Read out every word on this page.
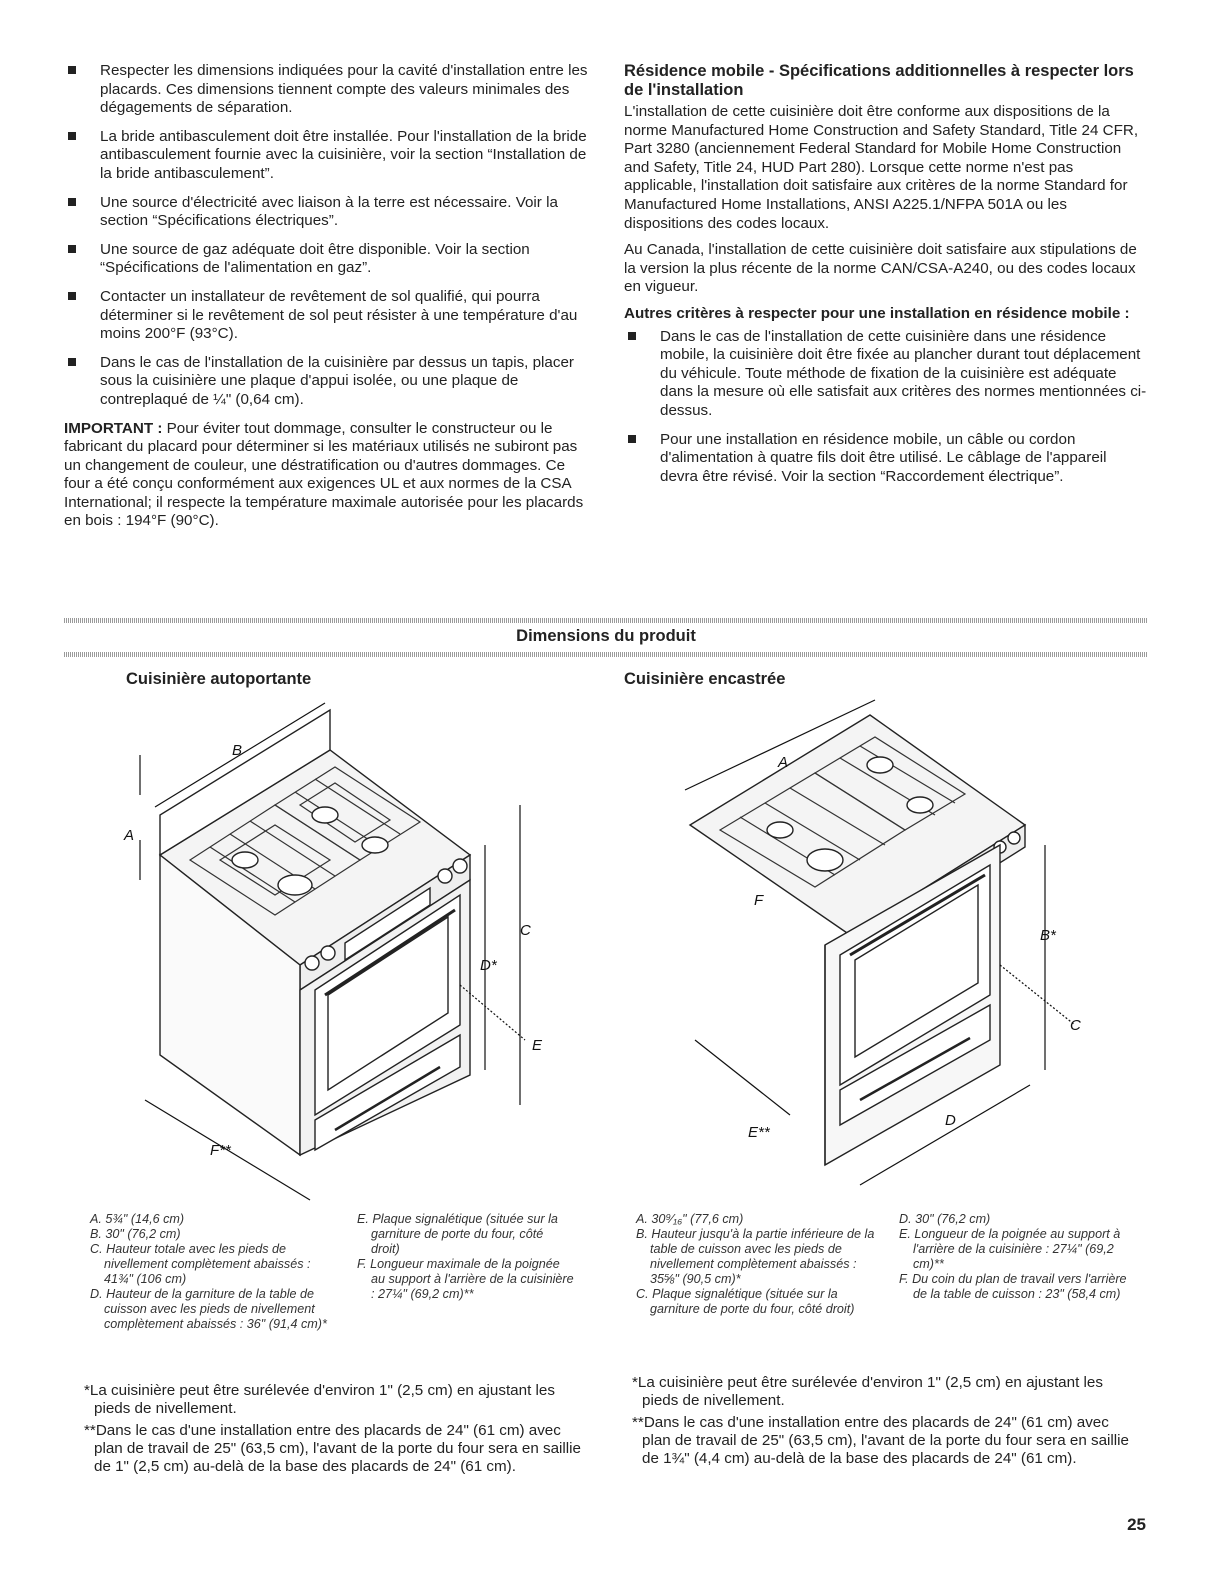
Respecter les dimensions indiquées pour la cavité d'installation entre les placards. Ces dimensions tiennent compte des valeurs minimales des dégagements de séparation.
La bride antibasculement doit être installée. Pour l'installation de la bride antibasculement fournie avec la cuisinière, voir la section “Installation de la bride antibasculement”.
Une source d'électricité avec liaison à la terre est nécessaire. Voir la section “Spécifications électriques”.
Une source de gaz adéquate doit être disponible. Voir la section “Spécifications de l'alimentation en gaz”.
Contacter un installateur de revêtement de sol qualifié, qui pourra déterminer si le revêtement de sol peut résister à une température d'au moins 200°F (93°C).
Dans le cas de l'installation de la cuisinière par dessus un tapis, placer sous la cuisinière une plaque d'appui isolée, ou une plaque de contreplaqué de ¼" (0,64 cm).

IMPORTANT : Pour éviter tout dommage, consulter le constructeur ou le fabricant du placard pour déterminer si les matériaux utilisés ne subiront pas un changement de couleur, une déstratification ou d'autres dommages. Ce four a été conçu conformément aux exigences UL et aux normes de la CSA International; il respecte la température maximale autorisée pour les placards en bois : 194°F (90°C).

Résidence mobile - Spécifications additionnelles à respecter lors de l'installation

L'installation de cette cuisinière doit être conforme aux dispositions de la norme Manufactured Home Construction and Safety Standard, Title 24 CFR, Part 3280 (anciennement Federal Standard for Mobile Home Construction and Safety, Title 24, HUD Part 280). Lorsque cette norme n'est pas applicable, l'installation doit satisfaire aux critères de la norme Standard for Manufactured Home Installations, ANSI A225.1/NFPA 501A ou les dispositions des codes locaux.

Au Canada, l'installation de cette cuisinière doit satisfaire aux stipulations de la version la plus récente de la norme CAN/CSA-A240, ou des codes locaux en vigueur.

Autres critères à respecter pour une installation en résidence mobile :
Dans le cas de l'installation de cette cuisinière dans une résidence mobile, la cuisinière doit être fixée au plancher durant tout déplacement du véhicule. Toute méthode de fixation de la cuisinière est adéquate dans la mesure où elle satisfait aux critères des normes mentionnées ci-dessus.
Pour une installation en résidence mobile, un câble ou cordon d'alimentation à quatre fils doit être utilisé. Le câblage de l'appareil devra être révisé. Voir la section “Raccordement électrique”.
Dimensions du produit
Cuisinière autoportante	Cuisinière encastrée
B
A
C
D*
E
F**
A
B*
C
D
E**
F
A. 5¾" (14,6 cm)
B. 30" (76,2 cm)
C. Hauteur totale avec les pieds de nivellement complètement abaissés : 41¾" (106 cm)
D. Hauteur de la garniture de la table de cuisson avec les pieds de nivellement complètement abaissés : 36" (91,4 cm)*
E. Plaque signalétique (située sur la garniture de porte du four, côté droit)
F. Longueur maximale de la poignée au support à l'arrière de la cuisinière : 27¼" (69,2 cm)**
A. 30⁹⁄₁₆" (77,6 cm)
B. Hauteur jusqu'à la partie inférieure de la table de cuisson avec les pieds de nivellement complètement abaissés : 35⅝" (90,5 cm)*
C. Plaque signalétique (située sur la garniture de porte du four, côté droit)
D. 30" (76,2 cm)
E. Longueur de la poignée au support à l'arrière de la cuisinière : 27¼" (69,2 cm)**
F. Du coin du plan de travail vers l'arrière de la table de cuisson : 23" (58,4 cm)

*La cuisinière peut être surélevée d'environ 1" (2,5 cm) en ajustant les pieds de nivellement.

**Dans le cas d'une installation entre des placards de 24" (61 cm) avec plan de travail de 25" (63,5 cm), l'avant de la porte du four sera en saillie de 1" (2,5 cm) au-delà de la base des placards de 24" (61 cm).

*La cuisinière peut être surélevée d'environ 1" (2,5 cm) en ajustant les pieds de nivellement.

**Dans le cas d'une installation entre des placards de 24" (61 cm) avec plan de travail de 25" (63,5 cm), l'avant de la porte du four sera en saillie de 1¾" (4,4 cm) au-delà de la base des placards de 24" (61 cm).

25
